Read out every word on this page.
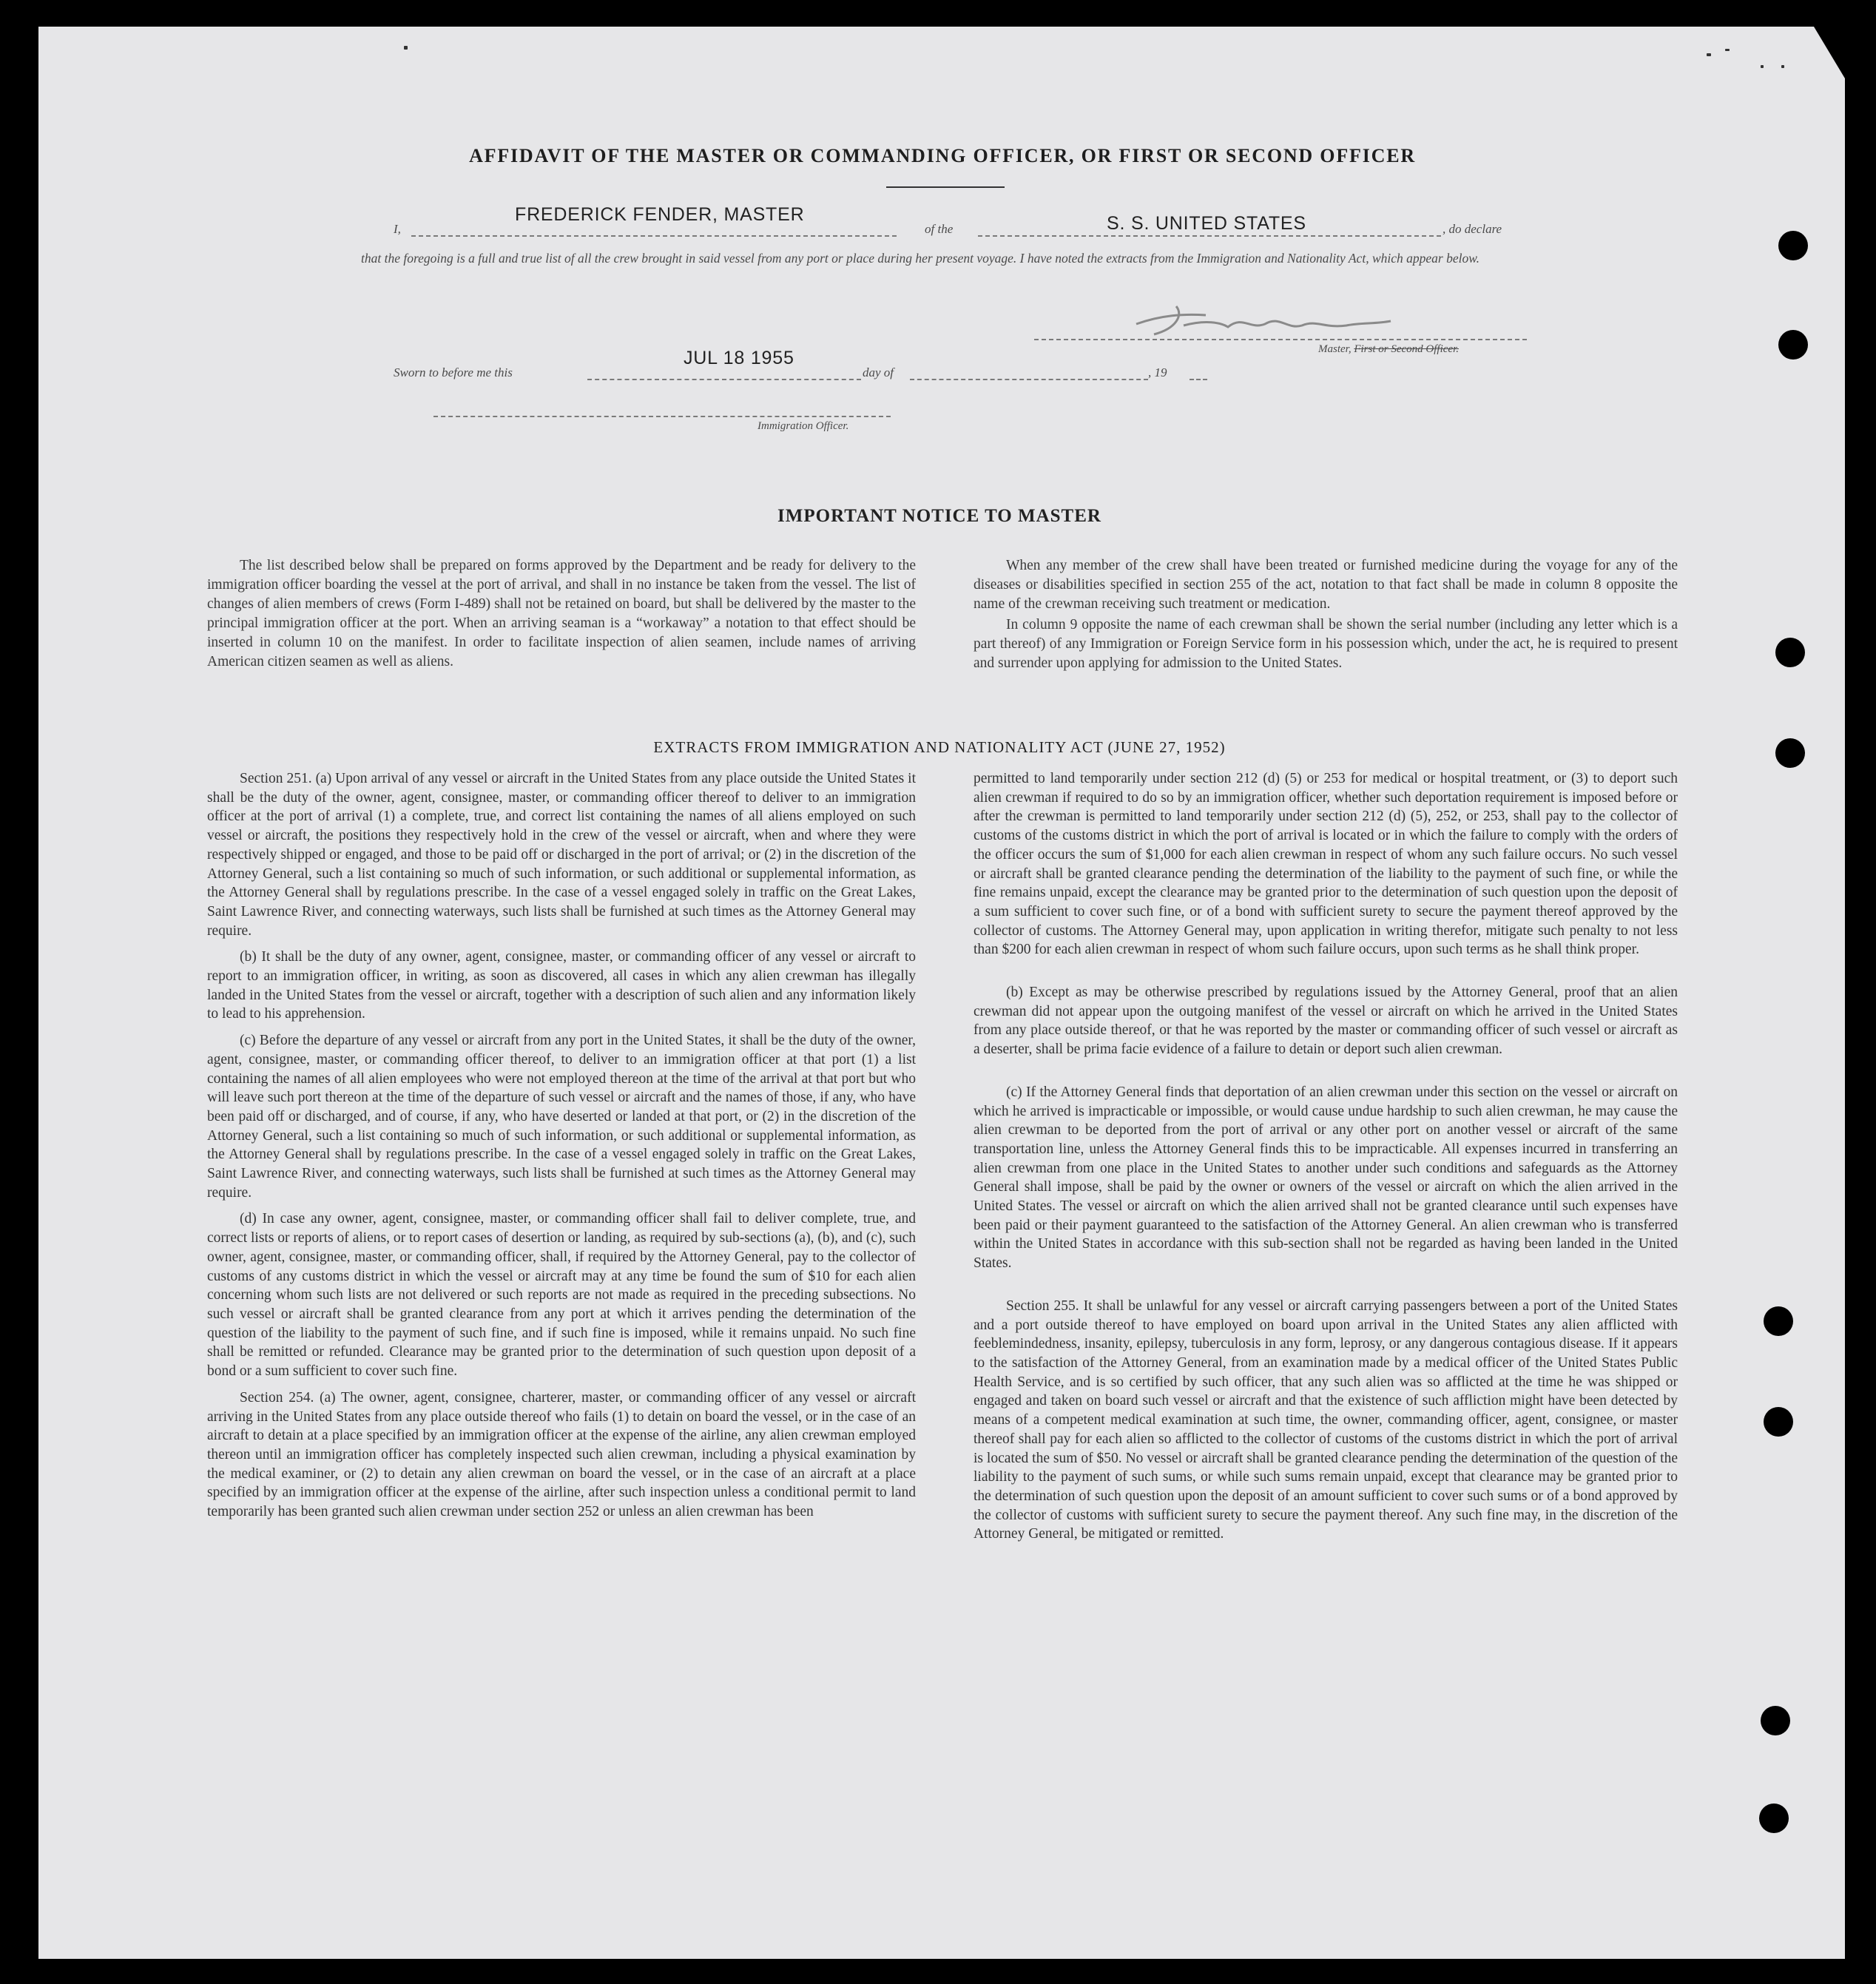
AFFIDAVIT OF THE MASTER OR COMMANDING OFFICER, OR FIRST OR SECOND OFFICER
I,
FREDERICK FENDER, MASTER
of the	S. S. UNITED STATES	, do declare
that the foregoing is a full and true list of all the crew brought in said vessel from any port or place during her present voyage. I have noted the extracts from the Immigration and Nationality Act, which appear below.
Master, First or Second Officer.
Sworn to before me this
JUL 18 1955
day of	, 19
Immigration Officer.
IMPORTANT NOTICE TO MASTER

The list described below shall be prepared on forms approved by the Department and be ready for delivery to the immigration officer boarding the vessel at the port of arrival, and shall in no instance be taken from the vessel. The list of changes of alien members of crews (Form I-489) shall not be retained on board, but shall be delivered by the master to the principal immigration officer at the port. When an arriving seaman is a “workaway” a notation to that effect should be inserted in column 10 on the manifest. In order to facilitate inspection of alien seamen, include names of arriving American citizen seamen as well as aliens.

When any member of the crew shall have been treated or furnished medicine during the voyage for any of the diseases or disabilities specified in section 255 of the act, notation to that fact shall be made in column 8 opposite the name of the crewman receiving such treatment or medication.

In column 9 opposite the name of each crewman shall be shown the serial number (including any letter which is a part thereof) of any Immigration or Foreign Service form in his possession which, under the act, he is required to present and surrender upon applying for admission to the United States.

EXTRACTS FROM IMMIGRATION AND NATIONALITY ACT (JUNE 27, 1952)

Section 251. (a) Upon arrival of any vessel or aircraft in the United States from any place outside the United States it shall be the duty of the owner, agent, consignee, master, or commanding officer thereof to deliver to an immigration officer at the port of arrival (1) a complete, true, and correct list containing the names of all aliens employed on such vessel or aircraft, the positions they respectively hold in the crew of the vessel or aircraft, when and where they were respectively shipped or engaged, and those to be paid off or discharged in the port of arrival; or (2) in the discretion of the Attorney General, such a list containing so much of such information, or such additional or supplemental information, as the Attorney General shall by regulations prescribe. In the case of a vessel engaged solely in traffic on the Great Lakes, Saint Lawrence River, and connecting waterways, such lists shall be furnished at such times as the Attorney General may require.

(b) It shall be the duty of any owner, agent, consignee, master, or commanding officer of any vessel or aircraft to report to an immigration officer, in writing, as soon as discovered, all cases in which any alien crewman has illegally landed in the United States from the vessel or aircraft, together with a description of such alien and any information likely to lead to his apprehension.

(c) Before the departure of any vessel or aircraft from any port in the United States, it shall be the duty of the owner, agent, consignee, master, or commanding officer thereof, to deliver to an immigration officer at that port (1) a list containing the names of all alien employees who were not employed thereon at the time of the arrival at that port but who will leave such port thereon at the time of the departure of such vessel or aircraft and the names of those, if any, who have been paid off or discharged, and of course, if any, who have deserted or landed at that port, or (2) in the discretion of the Attorney General, such a list containing so much of such information, or such additional or supplemental information, as the Attorney General shall by regulations prescribe. In the case of a vessel engaged solely in traffic on the Great Lakes, Saint Lawrence River, and connecting waterways, such lists shall be furnished at such times as the Attorney General may require.

(d) In case any owner, agent, consignee, master, or commanding officer shall fail to deliver complete, true, and correct lists or reports of aliens, or to report cases of desertion or landing, as required by sub-sections (a), (b), and (c), such owner, agent, consignee, master, or commanding officer, shall, if required by the Attorney General, pay to the collector of customs of any customs district in which the vessel or aircraft may at any time be found the sum of $10 for each alien concerning whom such lists are not delivered or such reports are not made as required in the preceding subsections. No such vessel or aircraft shall be granted clearance from any port at which it arrives pending the determination of the question of the liability to the payment of such fine, and if such fine is imposed, while it remains unpaid. No such fine shall be remitted or refunded. Clearance may be granted prior to the determination of such question upon deposit of a bond or a sum sufficient to cover such fine.

Section 254. (a) The owner, agent, consignee, charterer, master, or commanding officer of any vessel or aircraft arriving in the United States from any place outside thereof who fails (1) to detain on board the vessel, or in the case of an aircraft to detain at a place specified by an immigration officer at the expense of the airline, any alien crewman employed thereon until an immigration officer has completely inspected such alien crewman, including a physical examination by the medical examiner, or (2) to detain any alien crewman on board the vessel, or in the case of an aircraft at a place specified by an immigration officer at the expense of the airline, after such inspection unless a conditional permit to land temporarily has been granted such alien crewman under section 252 or unless an alien crewman has been

permitted to land temporarily under section 212 (d) (5) or 253 for medical or hospital treatment, or (3) to deport such alien crewman if required to do so by an immigration officer, whether such deportation requirement is imposed before or after the crewman is permitted to land temporarily under section 212 (d) (5), 252, or 253, shall pay to the collector of customs of the customs district in which the port of arrival is located or in which the failure to comply with the orders of the officer occurs the sum of $1,000 for each alien crewman in respect of whom any such failure occurs. No such vessel or aircraft shall be granted clearance pending the determination of the liability to the payment of such fine, or while the fine remains unpaid, except the clearance may be granted prior to the determination of such question upon the deposit of a sum sufficient to cover such fine, or of a bond with sufficient surety to secure the payment thereof approved by the collector of customs. The Attorney General may, upon application in writing therefor, mitigate such penalty to not less than $200 for each alien crewman in respect of whom such failure occurs, upon such terms as he shall think proper.

(b) Except as may be otherwise prescribed by regulations issued by the Attorney General, proof that an alien crewman did not appear upon the outgoing manifest of the vessel or aircraft on which he arrived in the United States from any place outside thereof, or that he was reported by the master or commanding officer of such vessel or aircraft as a deserter, shall be prima facie evidence of a failure to detain or deport such alien crewman.

(c) If the Attorney General finds that deportation of an alien crewman under this section on the vessel or aircraft on which he arrived is impracticable or impossible, or would cause undue hardship to such alien crewman, he may cause the alien crewman to be deported from the port of arrival or any other port on another vessel or aircraft of the same transportation line, unless the Attorney General finds this to be impracticable. All expenses incurred in transferring an alien crewman from one place in the United States to another under such conditions and safeguards as the Attorney General shall impose, shall be paid by the owner or owners of the vessel or aircraft on which the alien arrived in the United States. The vessel or aircraft on which the alien arrived shall not be granted clearance until such expenses have been paid or their payment guaranteed to the satisfaction of the Attorney General. An alien crewman who is transferred within the United States in accordance with this sub-section shall not be regarded as having been landed in the United States.

Section 255. It shall be unlawful for any vessel or aircraft carrying passengers between a port of the United States and a port outside thereof to have employed on board upon arrival in the United States any alien afflicted with feeblemindedness, insanity, epilepsy, tuberculosis in any form, leprosy, or any dangerous contagious disease. If it appears to the satisfaction of the Attorney General, from an examination made by a medical officer of the United States Public Health Service, and is so certified by such officer, that any such alien was so afflicted at the time he was shipped or engaged and taken on board such vessel or aircraft and that the existence of such affliction might have been detected by means of a competent medical examination at such time, the owner, commanding officer, agent, consignee, or master thereof shall pay for each alien so afflicted to the collector of customs of the customs district in which the port of arrival is located the sum of $50. No vessel or aircraft shall be granted clearance pending the determination of the question of the liability to the payment of such sums, or while such sums remain unpaid, except that clearance may be granted prior to the determination of such question upon the deposit of an amount sufficient to cover such sums or of a bond approved by the collector of customs with sufficient surety to secure the payment thereof. Any such fine may, in the discretion of the Attorney General, be mitigated or remitted.
